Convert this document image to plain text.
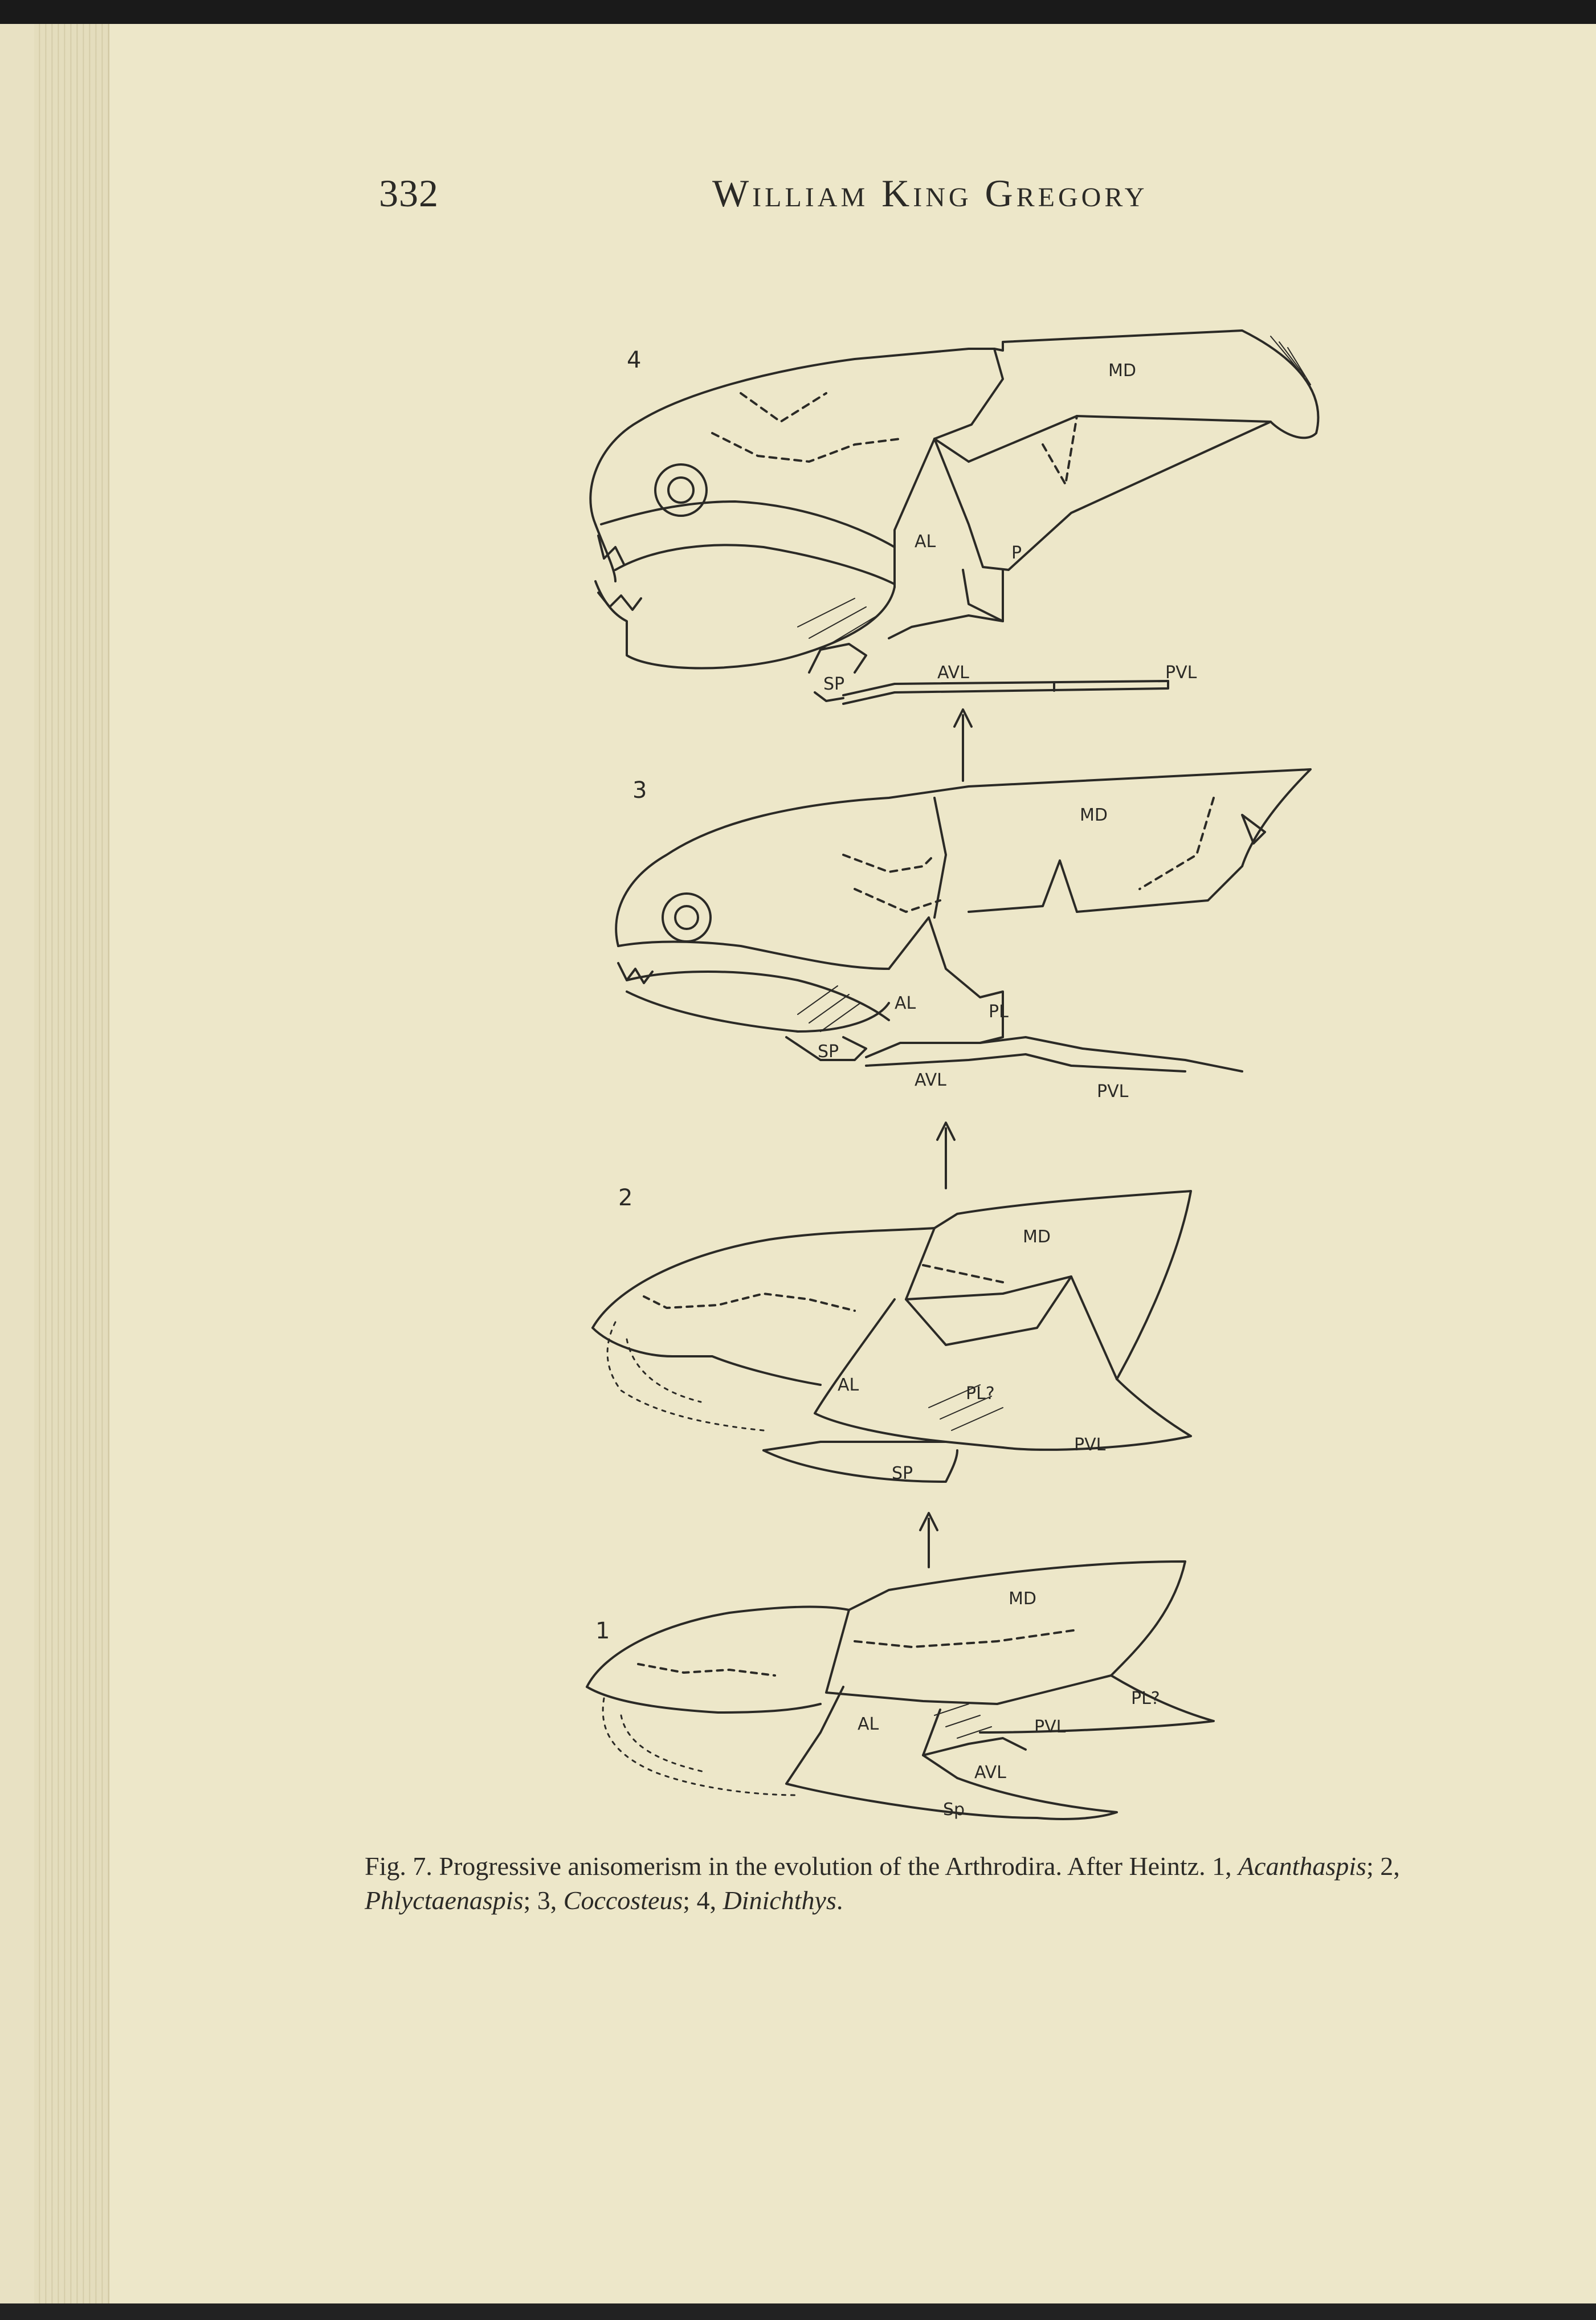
332	William King Gregory
4
3
2
1
MD
AL
P
SP
AVL	PVL
MD
AL	PL
SP
AVL
PVL
MD
AL	PL?
PVL
SP
MD
PL?
AL	PVL
AVL
Sp
Fig. 7. Progressive anisomerism in the evolution of the Arthrodira. After Heintz. 1, Acanthaspis; 2, Phlyctaenaspis; 3, Coccosteus; 4, Dinichthys.
